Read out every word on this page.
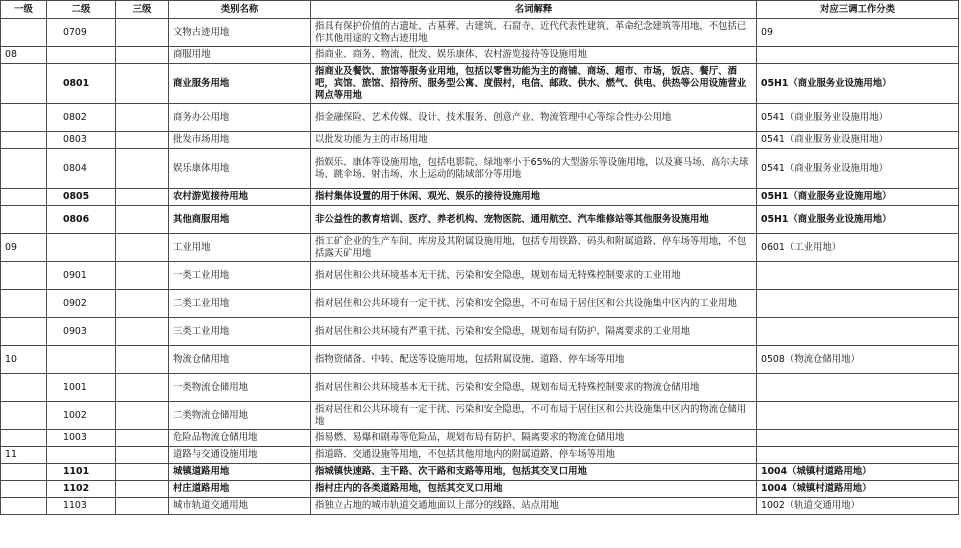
一级	二级	三级	类别名称	名词解释	对应三调工作分类
	0709		文物古迹用地	指具有保护价值的古遗址、古墓葬、古建筑、石窟寺、近代代表性建筑、革命纪念建筑等用地，不包括已作其他用途的文物古迹用地	09
08			商服用地	指商业、商务、物流、批发、娱乐康体、农村游览接待等设施用地	
	0801		商业服务用地	指商业及餐饮、旅馆等服务业用地，包括以零售功能为主的商铺、商场、超市、市场，饭店、餐厅、酒吧，宾馆、旅馆、招待所、服务型公寓、度假村，电信、邮政、供水、燃气、供电、供热等公用设施营业网点等用地	05H1（商业服务业设施用地）
	0802		商务办公用地	指金融保险、艺术传媒、设计、技术服务、创意产业、物流管理中心等综合性办公用地	0541（商业服务业设施用地）
	0803		批发市场用地	以批发功能为主的市场用地	0541（商业服务业设施用地）
	0804		娱乐康体用地	指娱乐、康体等设施用地，包括电影院、绿地率小于65%的大型游乐等设施用地，以及赛马场、高尔夫球场、跳伞场、射击场、水上运动的陆域部分等用地	0541（商业服务业设施用地）
	0805		农村游览接待用地	指村集体设置的用于休闲、观光、娱乐的接待设施用地	05H1（商业服务业设施用地）
	0806		其他商服用地	非公益性的教育培训、医疗、养老机构、宠物医院、通用航空、汽车维修站等其他服务设施用地	05H1（商业服务业设施用地）
09			工业用地	指工矿企业的生产车间、库房及其附属设施用地，包括专用铁路、码头和附属道路、停车场等用地，不包括露天矿用地	0601（工业用地）
	0901		一类工业用地	指对居住和公共环境基本无干扰、污染和安全隐患，规划布局无特殊控制要求的工业用地	
	0902		二类工业用地	指对居住和公共环境有一定干扰、污染和安全隐患，不可布局于居住区和公共设施集中区内的工业用地	
	0903		三类工业用地	指对居住和公共环境有严重干扰、污染和安全隐患，规划布局有防护、隔离要求的工业用地	
10			物流仓储用地	指物资储备、中转、配送等设施用地，包括附属设施、道路、停车场等用地	0508（物流仓储用地）
	1001		一类物流仓储用地	指对居住和公共环境基本无干扰、污染和安全隐患，规划布局无特殊控制要求的物流仓储用地	
	1002		二类物流仓储用地	指对居住和公共环境有一定干扰、污染和安全隐患，不可布局于居住区和公共设施集中区内的物流仓储用地	
	1003		危险品物流仓储用地	指易燃、易爆和剧毒等危险品，规划布局有防护、隔离要求的物流仓储用地	
11			道路与交通设施用地	指道路、交通设施等用地，不包括其他用地内的附属道路、停车场等用地	
	1101		城镇道路用地	指城镇快速路、主干路、次干路和支路等用地，包括其交叉口用地	1004（城镇村道路用地）
	1102		村庄道路用地	指村庄内的各类道路用地，包括其交叉口用地	1004（城镇村道路用地）
	1103		城市轨道交通用地	指独立占地的城市轨道交通地面以上部分的线路、站点用地	1002（轨道交通用地）
